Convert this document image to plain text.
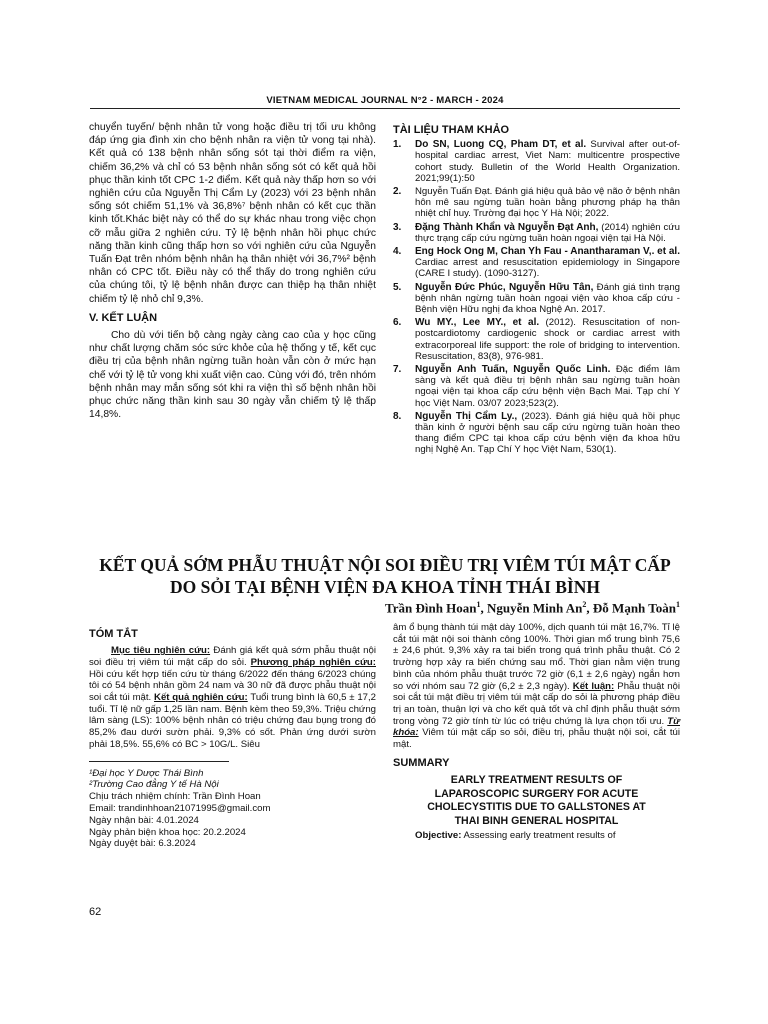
VIETNAM MEDICAL JOURNAL N°2 - MARCH - 2024

chuyển tuyến/ bệnh nhân tử vong hoặc điều trị tối ưu không đáp ứng gia đình xin cho bệnh nhân ra viện tử vong tại nhà). Kết quả có 138 bệnh nhân sống sót tại thời điểm ra viện, chiếm 36,2% và chỉ có 53 bệnh nhân sống sót có kết quả hồi phục thần kinh tốt CPC 1-2 điểm. Kết quả này thấp hơn so với nghiên cứu của Nguyễn Thị Cẩm Ly (2023) với 23 bệnh nhân sống sót chiếm 51,1% và 36,8%⁷ bệnh nhân có kết cục thần kinh tốt.Khác biệt này có thể do sự khác nhau trong việc chọn cỡ mẫu giữa 2 nghiên cứu. Tỷ lệ bệnh nhân hồi phục chức năng thần kinh cũng thấp hơn so với nghiên cứu của Nguyễn Tuấn Đạt trên nhóm bệnh nhân hạ thân nhiệt với 36,7%² bệnh nhân có CPC tốt. Điều này có thể thấy do trong nghiên cứu của chúng tôi, tỷ lệ bệnh nhân được can thiệp hạ thân nhiệt chiếm tỷ lệ nhỏ chỉ 9,3%.

V. KẾT LUẬN

Cho dù với tiến bộ càng ngày càng cao của y học cũng như chất lượng chăm sóc sức khỏe của hệ thống y tế, kết cục điều trị của bệnh nhân ngừng tuần hoàn vẫn còn ở mức hạn chế với tỷ lệ tử vong khi xuất viện cao. Cùng với đó, trên nhóm bệnh nhân may mắn sống sót khi ra viện thì số bệnh nhân hồi phục chức năng thần kinh sau 30 ngày vẫn chiếm tỷ lệ thấp 14,8%.

TÀI LIỆU THAM KHẢO
1.	Do SN, Luong CQ, Pham DT, et al. Survival after out-of-hospital cardiac arrest, Viet Nam: multicentre prospective cohort study. Bulletin of the World Health Organization. 2021;99(1):50
2.	Nguyễn Tuấn Đạt. Đánh giá hiệu quả bảo vệ não ở bệnh nhân hôn mê sau ngừng tuần hoàn bằng phương pháp hạ thân nhiệt chỉ huy. Trường đại học Y Hà Nội; 2022.
3.	Đặng Thành Khẩn và Nguyễn Đạt Anh, (2014) nghiên cứu thực trạng cấp cứu ngừng tuần hoàn ngoại viện tại Hà Nội.
4.	Eng Hock Ong M, Chan Yh Fau - Anantharaman V,. et al. Cardiac arrest and resuscitation epidemiology in Singapore (CARE I study). (1090-3127).
5.	Nguyễn Đức Phúc, Nguyễn Hữu Tân, Đánh giá tình trạng bệnh nhân ngừng tuần hoàn ngoại viện vào khoa cấp cứu - Bệnh viện Hữu nghị đa khoa Nghệ An. 2017.
6.	Wu MY., Lee MY., et al. (2012). Resuscitation of non-postcardiotomy cardiogenic shock or cardiac arrest with extracorporeal life support: the role of bridging to intervention. Resuscitation, 83(8), 976-981.
7.	Nguyễn Anh Tuấn, Nguyễn Quốc Linh. Đặc điểm lâm sàng và kết quả điều trị bệnh nhân sau ngừng tuần hoàn ngoại viện tại khoa cấp cứu bệnh viện Bạch Mai. Tạp chí Y học Việt Nam. 03/07 2023;523(2).
8.	Nguyễn Thị Cẩm Ly., (2023). Đánh giá hiệu quả hồi phục thần kinh ở người bệnh sau cấp cứu ngừng tuần hoàn theo thang điểm CPC tại khoa cấp cứu bệnh viện đa khoa hữu nghị Nghệ An. Tạp Chí Y học Việt Nam, 530(1).
KẾT QUẢ SỚM PHẪU THUẬT NỘI SOI ĐIỀU TRỊ VIÊM TÚI MẬT CẤP
DO SỎI TẠI BỆNH VIỆN ĐA KHOA TỈNH THÁI BÌNH
Trần Đình Hoan$^1$, Nguyễn Minh An$^2$, Đỗ Mạnh Toàn$^1$
TÓM TẮT

Mục tiêu nghiên cứu: Đánh giá kết quả sớm phẫu thuật nội soi điều trị viêm túi mật cấp do sỏi. Phương pháp nghiên cứu: Hồi cứu kết hợp tiến cứu từ tháng 6/2022 đến tháng 6/2023 chúng tôi có 54 bệnh nhân gồm 24 nam và 30 nữ đã được phẫu thuật nội soi cắt túi mật. Kết quả nghiên cứu: Tuổi trung bình là 60,5 ± 17,2 tuổi. Tỉ lệ nữ gấp 1,25 lần nam. Bệnh kèm theo 59,3%. Triệu chứng lâm sàng (LS): 100% bệnh nhân có triệu chứng đau bụng trong đó 85,2% đau dưới sườn phải. 9,3% có sốt. Phản ứng dưới sườn phải 18,5%. 55,6% có BC > 10G/L. Siêu

¹Đại học Y Dược Thái Bình
²Trường Cao đẳng Y tế Hà Nội
Chịu trách nhiệm chính: Trần Đình Hoan
Email: trandinhhoan21071995@gmail.com
Ngày nhận bài: 4.01.2024
Ngày phản biện khoa học: 20.2.2024
Ngày duyệt bài: 6.3.2024

âm ổ bụng thành túi mật dày 100%, dịch quanh túi mật 16,7%. Tỉ lệ cắt túi mật nội soi thành công 100%. Thời gian mổ trung bình 75,6 ± 24,6 phút. 9,3% xảy ra tai biến trong quá trình phẫu thuật. Có 2 trường hợp xảy ra biến chứng sau mổ. Thời gian nằm viện trung bình của nhóm phẫu thuật trước 72 giờ (6,1 ± 2,6 ngày) ngắn hơn so với nhóm sau 72 giờ (6,2 ± 2,3 ngày). Kết luận: Phẫu thuật nội soi cắt túi mật điều trị viêm túi mật cấp do sỏi là phương pháp điều trị an toàn, thuận lợi và cho kết quả tốt và chỉ định phẫu thuật sớm trong vòng 72 giờ tính từ lúc có triệu chứng là lựa chọn tối ưu. Từ khóa: Viêm túi mật cấp so sỏi, điều trị, phẫu thuật nội soi, cắt túi mật.

SUMMARY
EARLY TREATMENT RESULTS OF
LAPAROSCOPIC SURGERY FOR ACUTE
CHOLECYSTITIS DUE TO GALLSTONES AT
THAI BINH GENERAL HOSPITAL

Objective: Assessing early treatment results of

62
